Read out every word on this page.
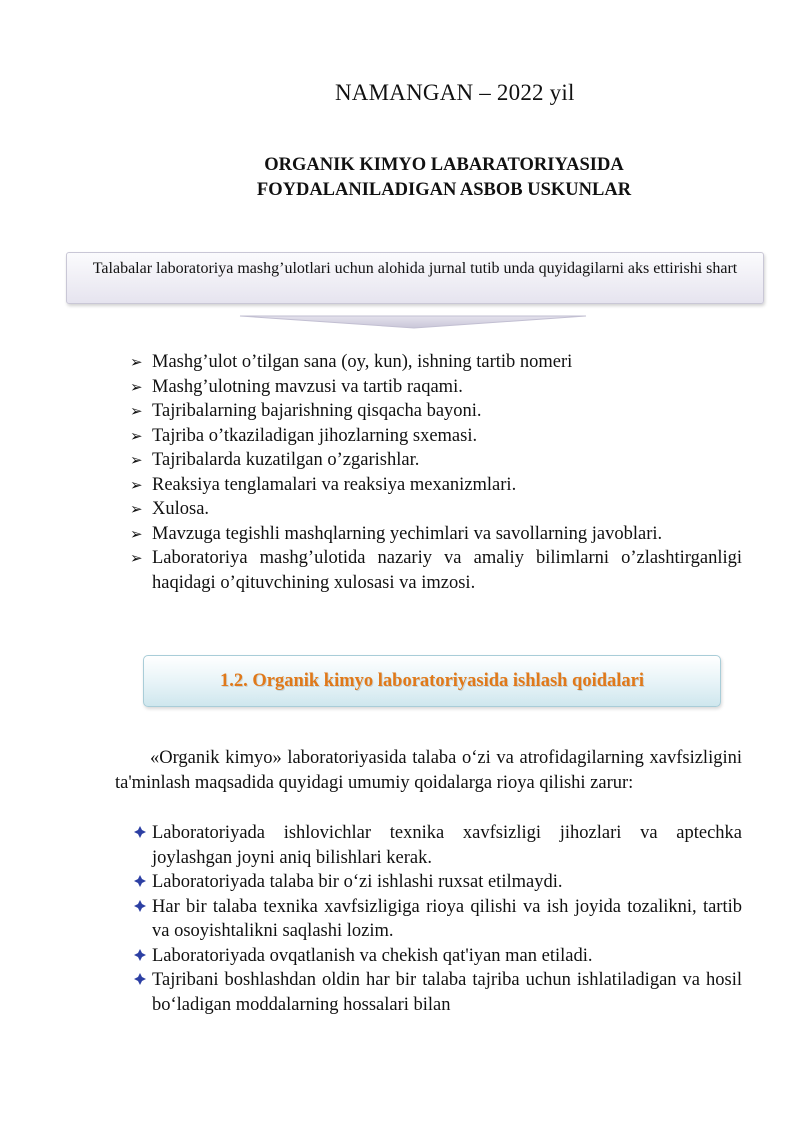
NAMANGAN – 2022 yil
ORGANIK KIMYO LABARATORIYASIDA
FOYDALANILADIGAN ASBOB USKUNLAR
Talabalar laboratoriya mashg’ulotlari uchun alohida jurnal tutib unda quyidagilarni aks ettirishi shart
➢ Mashg’ulot o’tilgan sana (oy, kun), ishning tartib nomeri
➢ Mashg’ulotning mavzusi va tartib raqami.
➢ Tajribalarning bajarishning qisqacha bayoni.
➢ Tajriba o’tkaziladigan jihozlarning sxemasi.
➢ Tajribalarda kuzatilgan o’zgarishlar.
➢ Reaksiya tenglamalari va reaksiya mexanizmlari.
➢ Xulosa.
➢ Mavzuga tegishli mashqlarning yechimlari va savollarning javoblari.
➢ Laboratoriya mashg’ulotida nazariy va amaliy bilimlarni o’zlashtirganligi haqidagi o’qituvchining xulosasi va imzosi.
1.2. Organik kimyo laboratoriyasida ishlash qoidalari

«Organik kimyo» laboratoriyasida talaba o‘zi va atrofidagilarning xavfsizligini ta'minlash maqsadida quyidagi umumiy qoidalarga rioya qilishi zarur:

Laboratoriyada ishlovichlar texnika xavfsizligi jihozlari va aptechka joylashgan joyni aniq bilishlari kerak.
Laboratoriyada talaba bir o‘zi ishlashi ruxsat etilmaydi.
Har bir talaba texnika xavfsizligiga rioya qilishi va ish joyida tozalikni, tartib va osoyishtalikni saqlashi lozim.
Laboratoriyada ovqatlanish va chekish qat'iyan man etiladi.
Tajribani boshlashdan oldin har bir talaba tajriba uchun ishlatiladigan va hosil bo‘ladigan moddalarning hossalari bilan
